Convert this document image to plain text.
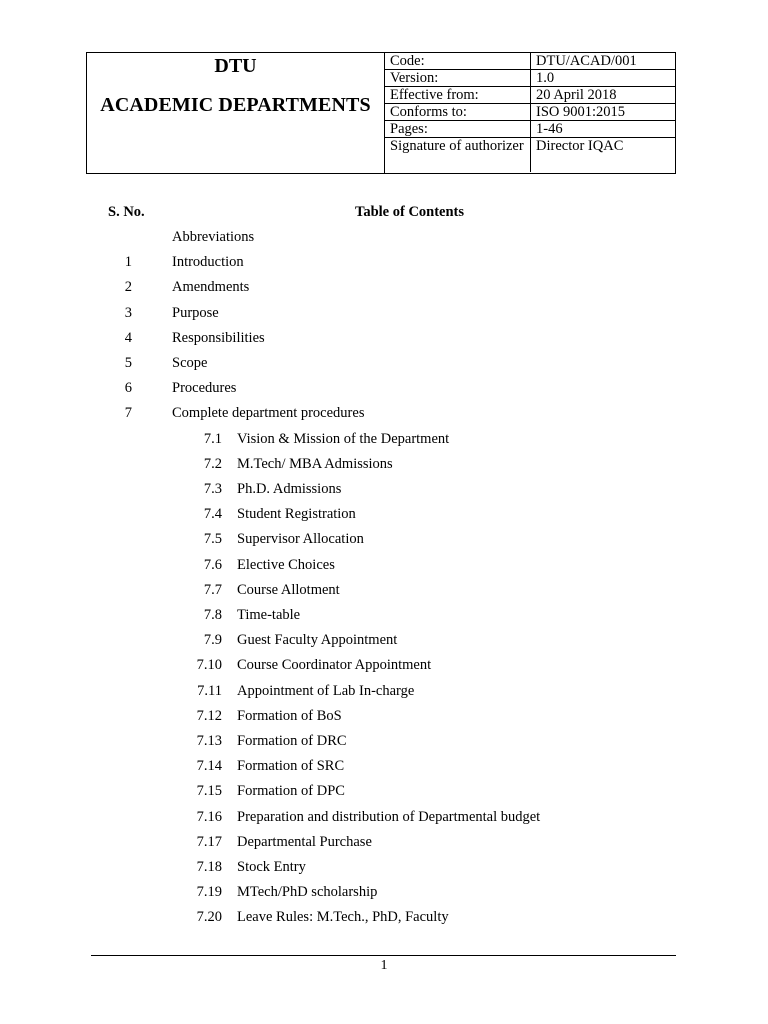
DTU
ACADEMIC DEPARTMENTS
Code:	DTU/ACAD/001
Version:	1.0
Effective from:	20 April 2018
Conforms to:	ISO 9001:2015
Pages:	1-46
Signature of authorizer	Director IQAC
S. No.	Table of Contents
Abbreviations
1	Introduction
2	Amendments
3	Purpose
4	Responsibilities
5	Scope
6	Procedures
7	Complete department procedures
7.1 Vision & Mission of the Department
7.2 M.Tech/ MBA Admissions
7.3 Ph.D. Admissions
7.4 Student Registration
7.5 Supervisor Allocation
7.6 Elective Choices
7.7 Course Allotment
7.8 Time-table
7.9 Guest Faculty Appointment
7.10 Course Coordinator Appointment
7.11 Appointment of Lab In-charge
7.12 Formation of BoS
7.13 Formation of DRC
7.14 Formation of SRC
7.15 Formation of DPC
7.16 Preparation and distribution of Departmental budget
7.17 Departmental Purchase
7.18 Stock Entry
7.19 MTech/PhD scholarship
7.20 Leave Rules: M.Tech., PhD, Faculty
1
